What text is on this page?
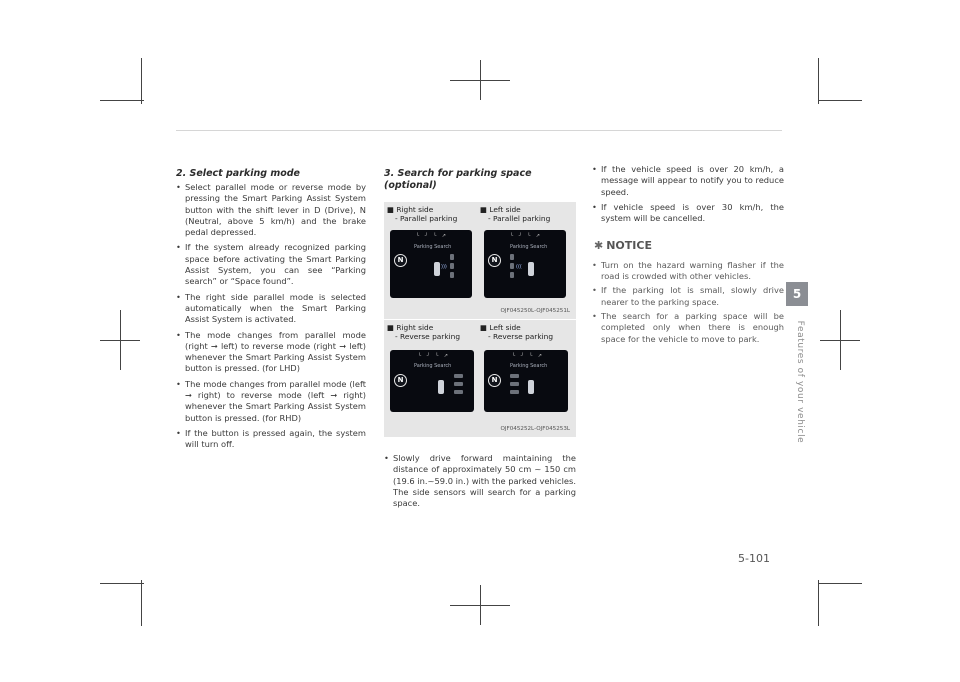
2. Select parking mode
• Select parallel mode or reverse mode by pressing the Smart Parking Assist System button with the shift lever in D (Drive), N (Neutral, above 5 km/h) and the brake pedal depressed.
• If the system already recognized parking space before activating the Smart Parking Assist System, you can see “Parking search” or “Space found”.
• The right side parallel mode is selected automatically when the Smart Parking Assist System is activated.
• The mode changes from parallel mode (right ➞ left) to reverse mode (right ➞ left) whenever the Smart Parking Assist System button is pressed. (for LHD)
• The mode changes from parallel mode (left ➞ right) to reverse mode (left ➞ right) whenever the Smart Parking Assist System button is pressed. (for RHD)
• If the button is pressed again, the system will turn off.
3. Search for parking space
(optional)
■ Right side
- Parallel parking
■ Left side
- Parallel parking
└ ┘ └ ↗
Parking Search
N
)))
└ ┘ └ ↗
Parking Search
N
(((
OJF045250L-OJF045251L
■ Right side
- Reverse parking
■ Left side
- Reverse parking
└ ┘ └ ↗
Parking Search
N
└ ┘ └ ↗
Parking Search
N
OJF045252L-OJF045253L
• Slowly drive forward maintaining the distance of approximately 50 cm ~ 150 cm (19.6 in.~59.0 in.) with the parked vehicles. The side sensors will search for a parking space.
• If the vehicle speed is over 20 km/h, a message will appear to notify you to reduce speed.
• If vehicle speed is over 30 km/h, the system will be cancelled.
✱ NOTICE
• Turn on the hazard warning flasher if the road is crowded with other vehicles.
• If the parking lot is small, slowly drive nearer to the parking space.
• The search for a parking space will be completed only when there is enough space for the vehicle to move to park.
5
Features of your vehicle
5-101
